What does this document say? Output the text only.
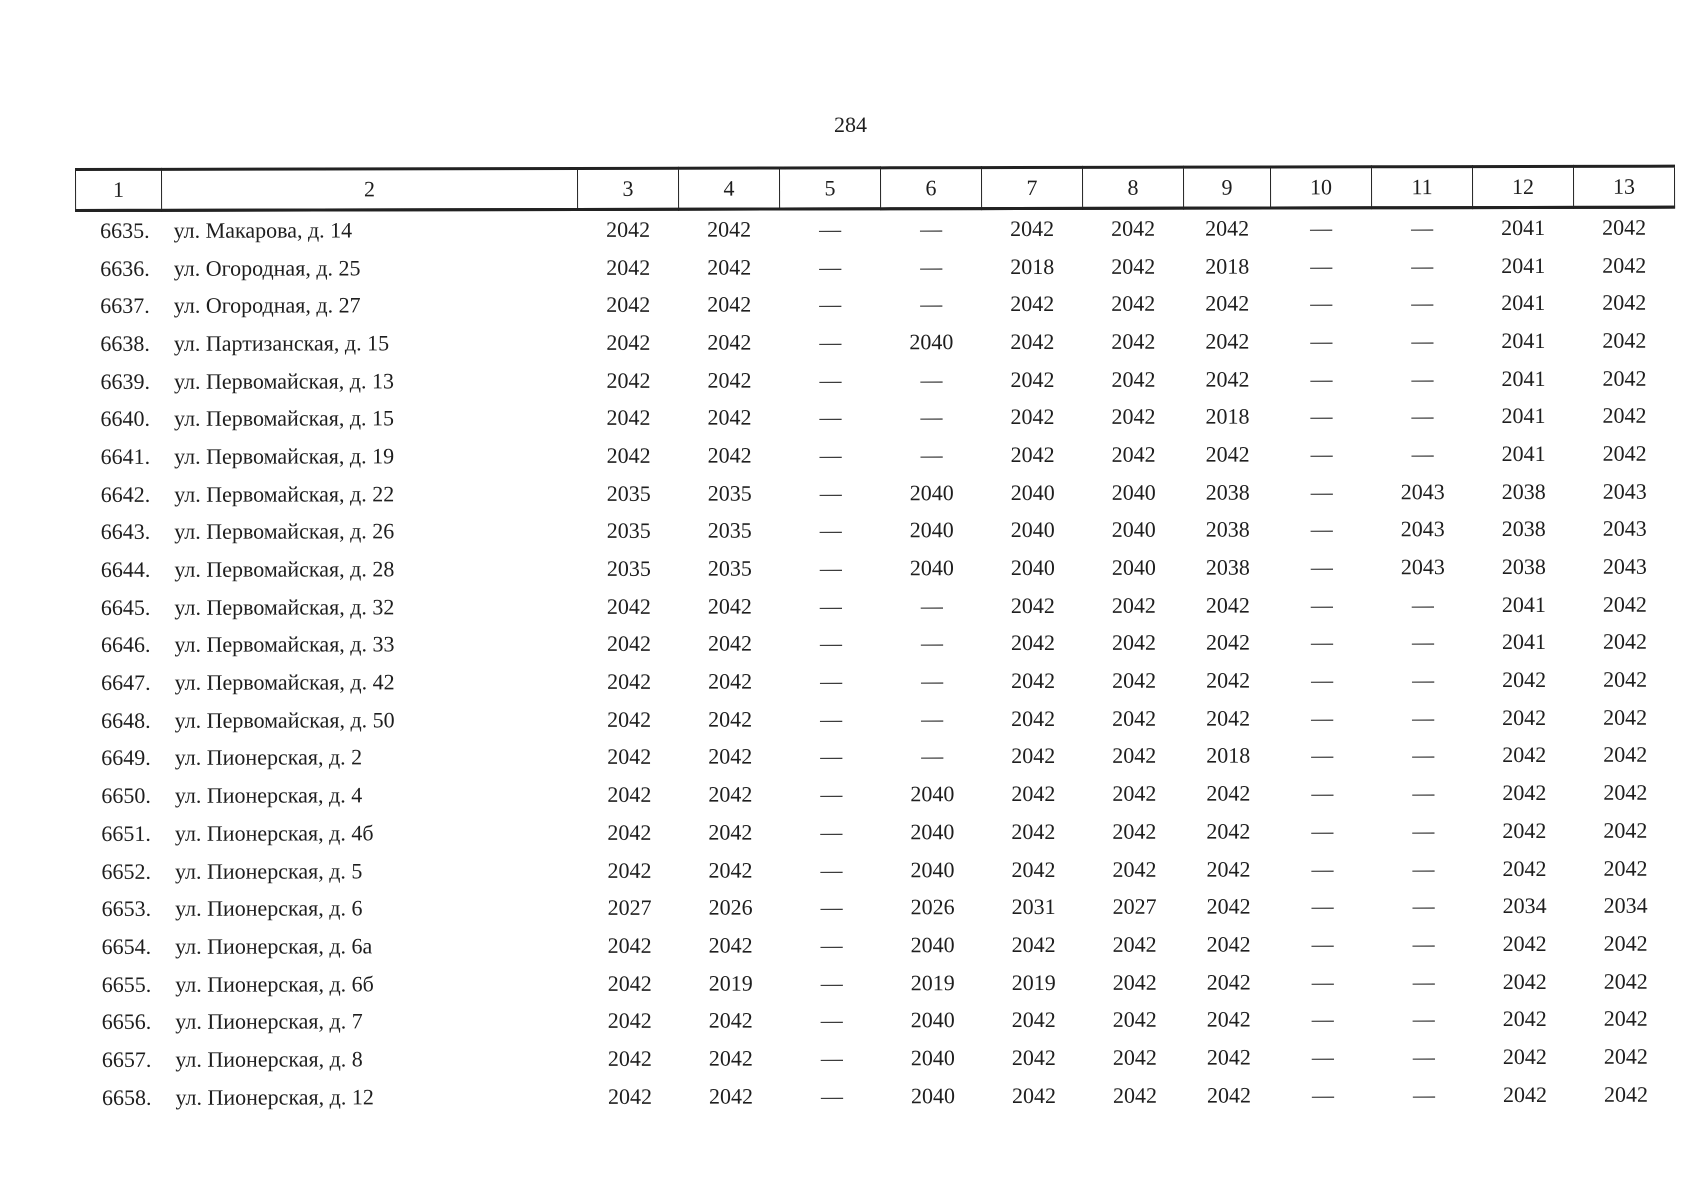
284
1	2	3	4	5	6	7	8	9	10	11	12	13
6635.	ул. Макарова, д. 14	2042	2042	—	—	2042	2042	2042	—	—	2041	2042
6636.	ул. Огородная, д. 25	2042	2042	—	—	2018	2042	2018	—	—	2041	2042
6637.	ул. Огородная, д. 27	2042	2042	—	—	2042	2042	2042	—	—	2041	2042
6638.	ул. Партизанская, д. 15	2042	2042	—	2040	2042	2042	2042	—	—	2041	2042
6639.	ул. Первомайская, д. 13	2042	2042	—	—	2042	2042	2042	—	—	2041	2042
6640.	ул. Первомайская, д. 15	2042	2042	—	—	2042	2042	2018	—	—	2041	2042
6641.	ул. Первомайская, д. 19	2042	2042	—	—	2042	2042	2042	—	—	2041	2042
6642.	ул. Первомайская, д. 22	2035	2035	—	2040	2040	2040	2038	—	2043	2038	2043
6643.	ул. Первомайская, д. 26	2035	2035	—	2040	2040	2040	2038	—	2043	2038	2043
6644.	ул. Первомайская, д. 28	2035	2035	—	2040	2040	2040	2038	—	2043	2038	2043
6645.	ул. Первомайская, д. 32	2042	2042	—	—	2042	2042	2042	—	—	2041	2042
6646.	ул. Первомайская, д. 33	2042	2042	—	—	2042	2042	2042	—	—	2041	2042
6647.	ул. Первомайская, д. 42	2042	2042	—	—	2042	2042	2042	—	—	2042	2042
6648.	ул. Первомайская, д. 50	2042	2042	—	—	2042	2042	2042	—	—	2042	2042
6649.	ул. Пионерская, д. 2	2042	2042	—	—	2042	2042	2018	—	—	2042	2042
6650.	ул. Пионерская, д. 4	2042	2042	—	2040	2042	2042	2042	—	—	2042	2042
6651.	ул. Пионерская, д. 4б	2042	2042	—	2040	2042	2042	2042	—	—	2042	2042
6652.	ул. Пионерская, д. 5	2042	2042	—	2040	2042	2042	2042	—	—	2042	2042
6653.	ул. Пионерская, д. 6	2027	2026	—	2026	2031	2027	2042	—	—	2034	2034
6654.	ул. Пионерская, д. 6а	2042	2042	—	2040	2042	2042	2042	—	—	2042	2042
6655.	ул. Пионерская, д. 6б	2042	2019	—	2019	2019	2042	2042	—	—	2042	2042
6656.	ул. Пионерская, д. 7	2042	2042	—	2040	2042	2042	2042	—	—	2042	2042
6657.	ул. Пионерская, д. 8	2042	2042	—	2040	2042	2042	2042	—	—	2042	2042
6658.	ул. Пионерская, д. 12	2042	2042	—	2040	2042	2042	2042	—	—	2042	2042
